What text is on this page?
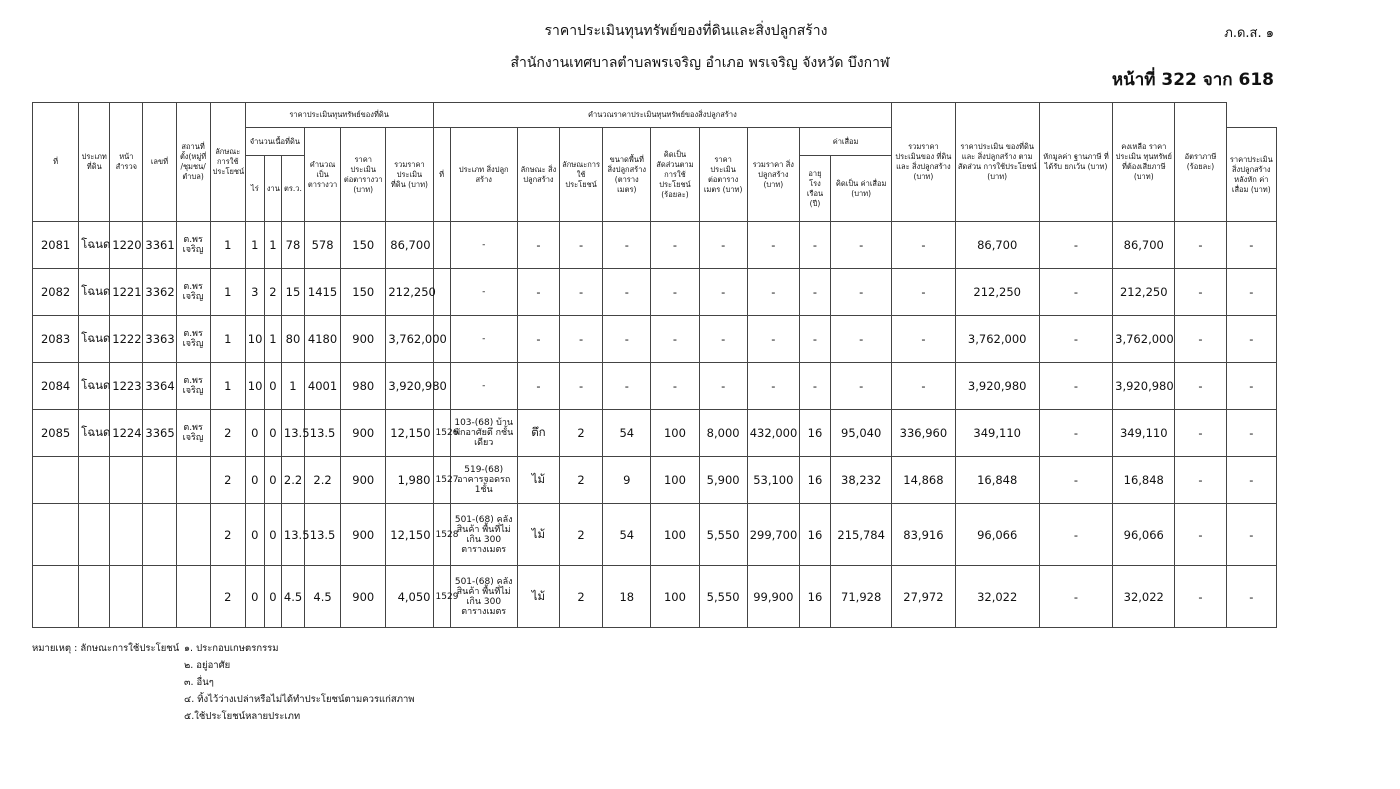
ราคาประเมินทุนทรัพย์ของที่ดินและสิ่งปลูกสร้าง
สำนักงานเทศบาลตำบลพรเจริญ อำเภอ พรเจริญ จังหวัด บึงกาฬ
ภ.ด.ส. ๑
หน้าที่ 322 จาก 618
ที่	ประเภท ที่ดิน	หน้า สำรวจ	เลขที่	สถานที่ ตั้ง(หมู่ที่ /ชุมชน/ ตำบล)	ลักษณะ การใช้ ประโยชน์	ราคาประเมินทุนทรัพย์ของที่ดิน						คำนวณราคาประเมินทุนทรัพย์ของสิ่งปลูกสร้าง										รวมราคา ประเมินของ ที่ดินและ สิ่งปลูกสร้าง (บาท)	ราคาประเมิน ของที่ดินและ สิ่งปลูกสร้าง ตามสัดส่วน การใช้ประโยชน์ (บาท)	หักมูลค่า ฐานภาษี ที่ได้รับ ยกเว้น (บาท)	คงเหลือ ราคาประเมิน ทุนทรัพย์ ที่ต้องเสียภาษี (บาท)	อัตราภาษี (ร้อยละ)	
						จำนวนเนื้อที่ดิน			คำนวณ เป็น ตารางวา	ราคา ประเมิน ต่อตารางวา (บาท)	รวมราคา ประเมิน ที่ดิน (บาท)	ที่	ประเภท สิ่งปลูกสร้าง	ลักษณะ สิ่งปลูกสร้าง	ลักษณะการ ใช้ประโยชน์	ขนาดพื้นที่ สิ่งปลูกสร้าง (ตารางเมตร)	คิดเป็น สัดส่วนตาม การใช้ ประโยชน์ (ร้อยละ)	ราคา ประเมิน ต่อตารางเมตร (บาท)	รวมราคา สิ่งปลูกสร้าง (บาท)	ค่าเสื่อม							ราคาประเมิน สิ่งปลูกสร้าง หลังหัก ค่าเสื่อม (บาท)
						ไร่	งาน	ตร.ว.												อายุ โรงเรือน (ปี)	คิดเป็น ค่าเสื่อม (บาท)						
2081	โฉนด	1220	3361	ต.พร เจริญ	1	1	1	78	578	150	86,700		-	-	-	-	-	-	-	-	-	-	86,700	-	86,700	-	-
2082	โฉนด	1221	3362	ต.พร เจริญ	1	3	2	15	1415	150	212,250		-	-	-	-	-	-	-	-	-	-	212,250	-	212,250	-	-
2083	โฉนด	1222	3363	ต.พร เจริญ	1	10	1	80	4180	900	3,762,000		-	-	-	-	-	-	-	-	-	-	3,762,000	-	3,762,000	-	-
2084	โฉนด	1223	3364	ต.พร เจริญ	1	10	0	1	4001	980	3,920,980		-	-	-	-	-	-	-	-	-	-	3,920,980	-	3,920,980	-	-
2085	โฉนด	1224	3365	ต.พร เจริญ	2	0	0	13.5	13.5	900	12,150	1526	103-(68) บ้านพักอาศัยตึ กชั้นเดียว	ตึก	2	54	100	8,000	432,000	16	95,040	336,960	349,110	-	349,110	-	-
					2	0	0	2.2	2.2	900	1,980	1527	519-(68) อาคารจอดรถ 1ชั้น	ไม้	2	9	100	5,900	53,100	16	38,232	14,868	16,848	-	16,848	-	-
					2	0	0	13.5	13.5	900	12,150	1528	501-(68) คลังสินค้า พื้นที่ไม่เกิน 300 ตารางเมตร	ไม้	2	54	100	5,550	299,700	16	215,784	83,916	96,066	-	96,066	-	-
					2	0	0	4.5	4.5	900	4,050	1529	501-(68) คลังสินค้า พื้นที่ไม่เกิน 300 ตารางเมตร	ไม้	2	18	100	5,550	99,900	16	71,928	27,972	32,022	-	32,022	-	-
หมายเหตุ : ลักษณะการใช้ประโยชน์ ๑. ประกอบเกษตรกรรม
๒. อยู่อาศัย
๓. อื่นๆ
๔. ทิ้งไว้ว่างเปล่าหรือไม่ได้ทำประโยชน์ตามควรแก่สภาพ
๕.ใช้ประโยชน์หลายประเภท
